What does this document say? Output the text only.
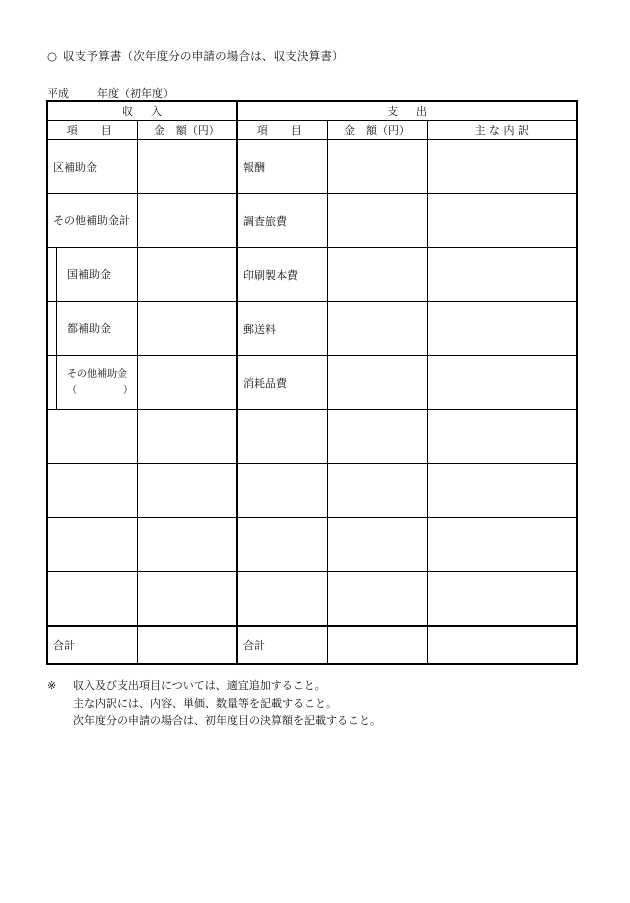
○ 収支予算書（次年度分の申請の場合は、収支決算書）
平成	年度（初年度）
収入		支出		
項　目	金　額（円）	項　目	金　額（円）	主 な 内 訳
区補助金		報酬		
その他補助金計		調査旅費		

国補助金		印刷製本費		

都補助金		郵送料		

その他補助金
（ ）		消耗品費		

合計		合計		
※ 収入及び支出項目については、適宜追加すること。
主な内訳には、内容、単価、数量等を記載すること。
次年度分の申請の場合は、初年度目の決算額を記載すること。
